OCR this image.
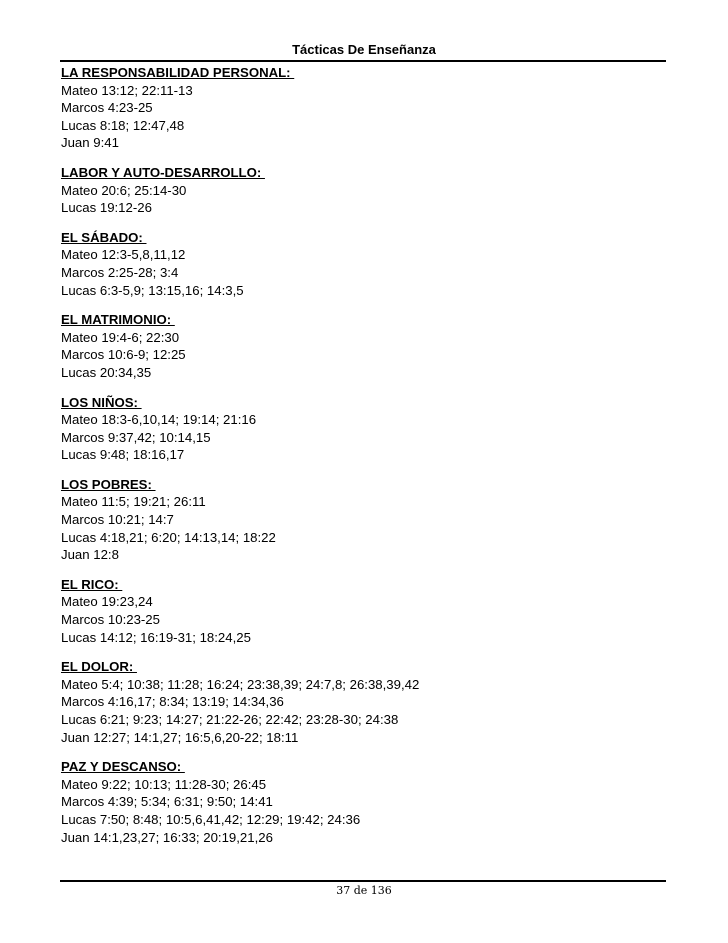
Tácticas De Enseñanza
LA RESPONSABILIDAD PERSONAL:
Mateo 13:12; 22:11-13
Marcos 4:23-25
Lucas 8:18; 12:47,48
Juan 9:41
LABOR Y AUTO-DESARROLLO:
Mateo 20:6; 25:14-30
Lucas 19:12-26
EL SÁBADO:
Mateo 12:3-5,8,11,12
Marcos 2:25-28; 3:4
Lucas 6:3-5,9; 13:15,16; 14:3,5
EL MATRIMONIO:
Mateo 19:4-6; 22:30
Marcos 10:6-9; 12:25
Lucas 20:34,35
LOS NIÑOS:
Mateo 18:3-6,10,14; 19:14; 21:16
Marcos 9:37,42; 10:14,15
Lucas 9:48; 18:16,17
LOS POBRES:
Mateo 11:5; 19:21; 26:11
Marcos 10:21; 14:7
Lucas 4:18,21; 6:20; 14:13,14; 18:22
Juan 12:8
EL RICO:
Mateo 19:23,24
Marcos 10:23-25
Lucas 14:12; 16:19-31; 18:24,25
EL DOLOR:
Mateo 5:4; 10:38; 11:28; 16:24; 23:38,39; 24:7,8; 26:38,39,42
Marcos 4:16,17; 8:34; 13:19; 14:34,36
Lucas 6:21; 9:23; 14:27; 21:22-26; 22:42; 23:28-30; 24:38
Juan 12:27; 14:1,27; 16:5,6,20-22; 18:11
PAZ Y DESCANSO:
Mateo 9:22; 10:13; 11:28-30; 26:45
Marcos 4:39; 5:34; 6:31; 9:50; 14:41
Lucas 7:50; 8:48; 10:5,6,41,42; 12:29; 19:42; 24:36
Juan 14:1,23,27; 16:33; 20:19,21,26
37 de 136
